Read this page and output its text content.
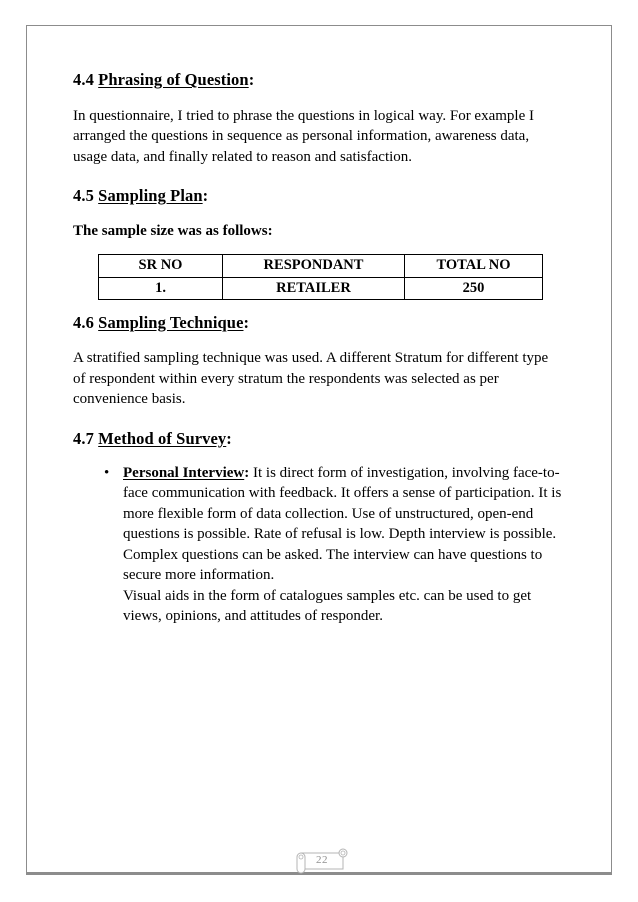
4.4 Phrasing of Question:

In questionnaire, I tried to phrase the questions in logical way. For example I arranged the questions in sequence as personal information, awareness data, usage data, and finally related to reason and satisfaction.

4.5 Sampling Plan:

The sample size was as follows:

SR NO	RESPONDANT	TOTAL NO
1.	RETAILER	250
4.6 Sampling Technique:

A stratified sampling technique was used. A different Stratum for different type of respondent within every stratum the respondents was selected as per convenience basis.

4.7 Method of Survey:
• Personal Interview: It is direct form of investigation, involving face-to-face communication with feedback. It offers a sense of participation. It is more flexible form of data collection. Use of unstructured, open-end questions is possible. Rate of refusal is low. Depth interview is possible. Complex questions can be asked. The interview can have questions to secure more information.
Visual aids in the form of catalogues samples etc. can be used to get views, opinions, and attitudes of responder.
22
